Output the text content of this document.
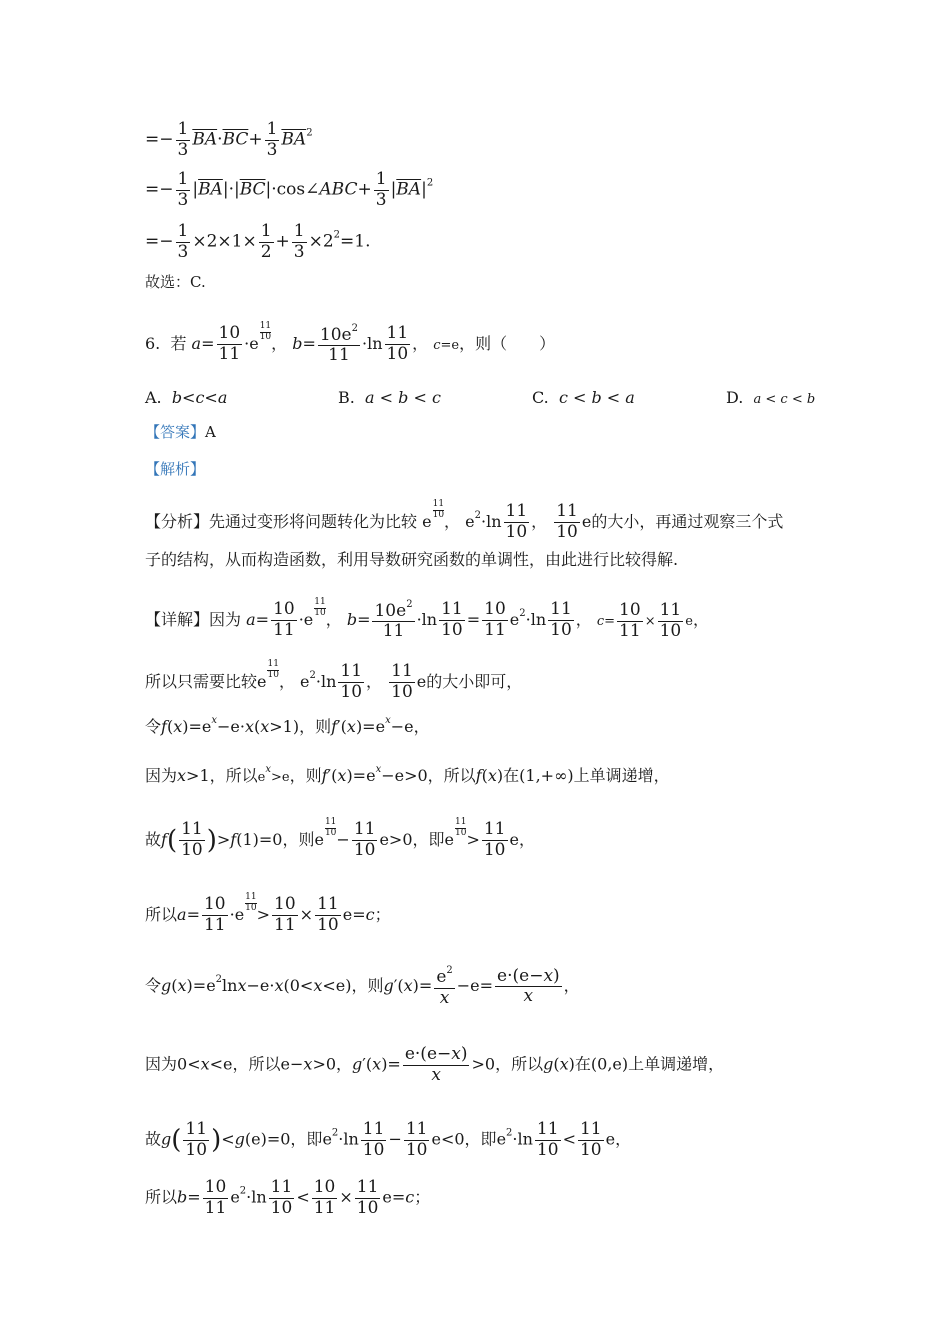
=− $\frac{1}{3} \overline{BA}\cdot\overline{BC}+ \frac{1}{3} \overline{BA}^2$
=− $\frac{1}{3}$ $|\overline{BA}|\cdot|\overline{BC}|\cdot\cos\angle ABC+ \frac{1}{3} |\overline{BA}|^2$
=− $\frac{1}{3} \times 2\times 1\times \frac{1}{2} + \frac{1}{3} \times 2^2=1$.
故选：C.
6. 若 $a= \frac{10}{11} \cdot e$
$\frac{11}{10}$
， $b= \frac{10e^2}{11} \cdot\ln \frac{11}{10}$ ， c=e，则（　　）
A. b<c<a	B. a < b < c	C. c < b < a	D. a < c < b
【答案】A
【解析】
【分析】先通过变形将问题转化为比较 e
$\frac{11}{10}$
， $e^2\cdot\ln \frac{11}{10}$ ， $\frac{11}{10}$ e的大小，再通过观察三个式
子的结构，从而构造函数，利用导数研究函数的单调性，由此进行比较得解.
【详解】因为 $a= \frac{10}{11} \cdot e$
$\frac{11}{10}$
， $b= \frac{10e^2}{11} \cdot\ln \frac{11}{10} = \frac{10}{11} e^2\cdot\ln \frac{11}{10}$ ， $c= \frac{10}{11} \times \frac{11}{10}$ e，
所以只需要比较e
$\frac{11}{10}$
， $e^2\cdot\ln \frac{11}{10}$ ， $\frac{11}{10}$ e的大小即可，
令$f(x)=e^x-e\cdot x(x>1)$，则$f'(x)=e^x-e$，
因为x>1，所以$e^x>e$，则$f'(x)=e^x-e>0$，所以f(x)在(1,+∞)上单调递增，
故$f( \frac{11}{10} )>f(1)=0$，则e
$\frac{11}{10}$
− $\frac{11}{10} e>0$，即e
$\frac{11}{10}$
> $\frac{11}{10}$ e，
所以$a= \frac{10}{11} \cdot e$
$\frac{11}{10}$
> $\frac{10}{11} \times \frac{11}{10} e=c$；
令$g(x)=e^2\ln x-e\cdot x(0<x<e)$，则$g'(x)= \frac{e^2}{x} -e= \frac{e\cdot(e-x)}{x}$ ，
因为0<x<e，所以e−x>0，$g'(x)= \frac{e\cdot(e-x)}{x} >0$，所以g(x)在(0,e)上单调递增，
故$g( \frac{11}{10} )<g(e)=0$，即$e^2\cdot\ln \frac{11}{10} - \frac{11}{10} e<0$，即$e^2\cdot\ln \frac{11}{10} < \frac{11}{10}$ e，
所以$b= \frac{10}{11} e^2\cdot\ln \frac{11}{10} < \frac{10}{11} \times \frac{11}{10} e=c$；
